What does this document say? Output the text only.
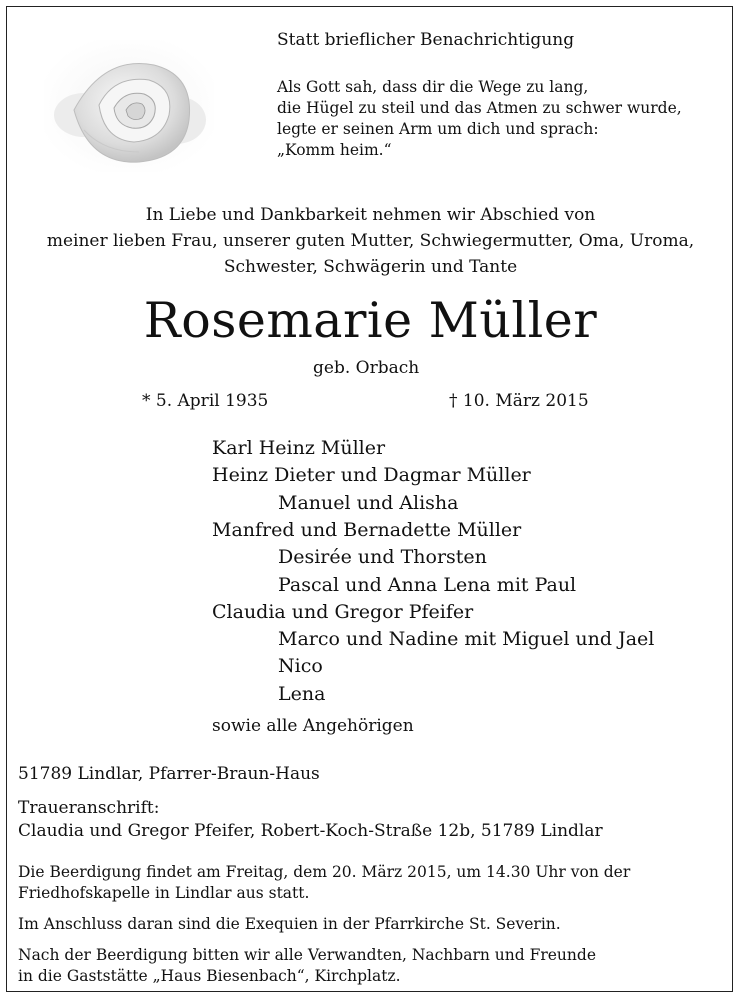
Statt brieflicher Benachrichtigung
Als Gott sah, dass dir die Wege zu lang,
die Hügel zu steil und das Atmen zu schwer wurde,
legte er seinen Arm um dich und sprach:
„Komm heim.“
In Liebe und Dankbarkeit nehmen wir Abschied von
meiner lieben Frau, unserer guten Mutter, Schwiegermutter, Oma, Uroma,
Schwester, Schwägerin und Tante
Rosemarie Müller
geb. Orbach
* 5. April 1935	† 10. März 2015
Karl Heinz Müller
Heinz Dieter und Dagmar Müller
Manuel und Alisha
Manfred und Bernadette Müller
Desirée und Thorsten
Pascal und Anna Lena mit Paul
Claudia und Gregor Pfeifer
Marco und Nadine mit Miguel und Jael
Nico
Lena
sowie alle Angehörigen
51789 Lindlar, Pfarrer-Braun-Haus
Traueranschrift:
Claudia und Gregor Pfeifer, Robert-Koch-Straße 12b, 51789 Lindlar
Die Beerdigung findet am Freitag, dem 20. März 2015, um 14.30 Uhr von der
Friedhofskapelle in Lindlar aus statt.
Im Anschluss daran sind die Exequien in der Pfarrkirche St. Severin.
Nach der Beerdigung bitten wir alle Verwandten, Nachbarn und Freunde
in die Gaststätte „Haus Biesenbach“, Kirchplatz.
